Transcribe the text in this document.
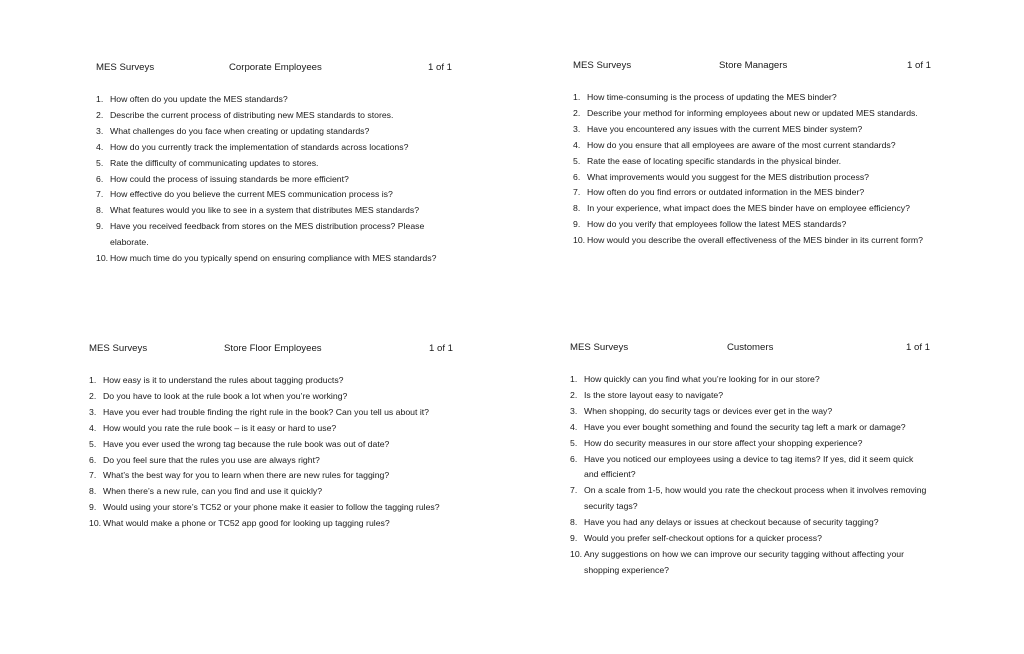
MES Surveys	Corporate Employees	1 of 1
1. How often do you update the MES standards?
2. Describe the current process of distributing new MES standards to stores.
3. What challenges do you face when creating or updating standards?
4. How do you currently track the implementation of standards across locations?
5. Rate the difficulty of communicating updates to stores.
6. How could the process of issuing standards be more efficient?
7. How effective do you believe the current MES communication process is?
8. What features would you like to see in a system that distributes MES standards?
9. Have you received feedback from stores on the MES distribution process? Please elaborate.
10. How much time do you typically spend on ensuring compliance with MES standards?
MES Surveys	Store Managers	1 of 1
1. How time-consuming is the process of updating the MES binder?
2. Describe your method for informing employees about new or updated MES standards.
3. Have you encountered any issues with the current MES binder system?
4. How do you ensure that all employees are aware of the most current standards?
5. Rate the ease of locating specific standards in the physical binder.
6. What improvements would you suggest for the MES distribution process?
7. How often do you find errors or outdated information in the MES binder?
8. In your experience, what impact does the MES binder have on employee efficiency?
9. How do you verify that employees follow the latest MES standards?
10. How would you describe the overall effectiveness of the MES binder in its current form?
MES Surveys	Store Floor Employees	1 of 1
1. How easy is it to understand the rules about tagging products?
2. Do you have to look at the rule book a lot when you’re working?
3. Have you ever had trouble finding the right rule in the book? Can you tell us about it?
4. How would you rate the rule book – is it easy or hard to use?
5. Have you ever used the wrong tag because the rule book was out of date?
6. Do you feel sure that the rules you use are always right?
7. What’s the best way for you to learn when there are new rules for tagging?
8. When there’s a new rule, can you find and use it quickly?
9. Would using your store’s TC52 or your phone make it easier to follow the tagging rules?
10. What would make a phone or TC52 app good for looking up tagging rules?
MES Surveys	Customers	1 of 1
1. How quickly can you find what you’re looking for in our store?
2. Is the store layout easy to navigate?
3. When shopping, do security tags or devices ever get in the way?
4. Have you ever bought something and found the security tag left a mark or damage?
5. How do security measures in our store affect your shopping experience?
6. Have you noticed our employees using a device to tag items? If yes, did it seem quick and efficient?
7. On a scale from 1-5, how would you rate the checkout process when it involves removing security tags?
8. Have you had any delays or issues at checkout because of security tagging?
9. Would you prefer self-checkout options for a quicker process?
10. Any suggestions on how we can improve our security tagging without affecting your shopping experience?
